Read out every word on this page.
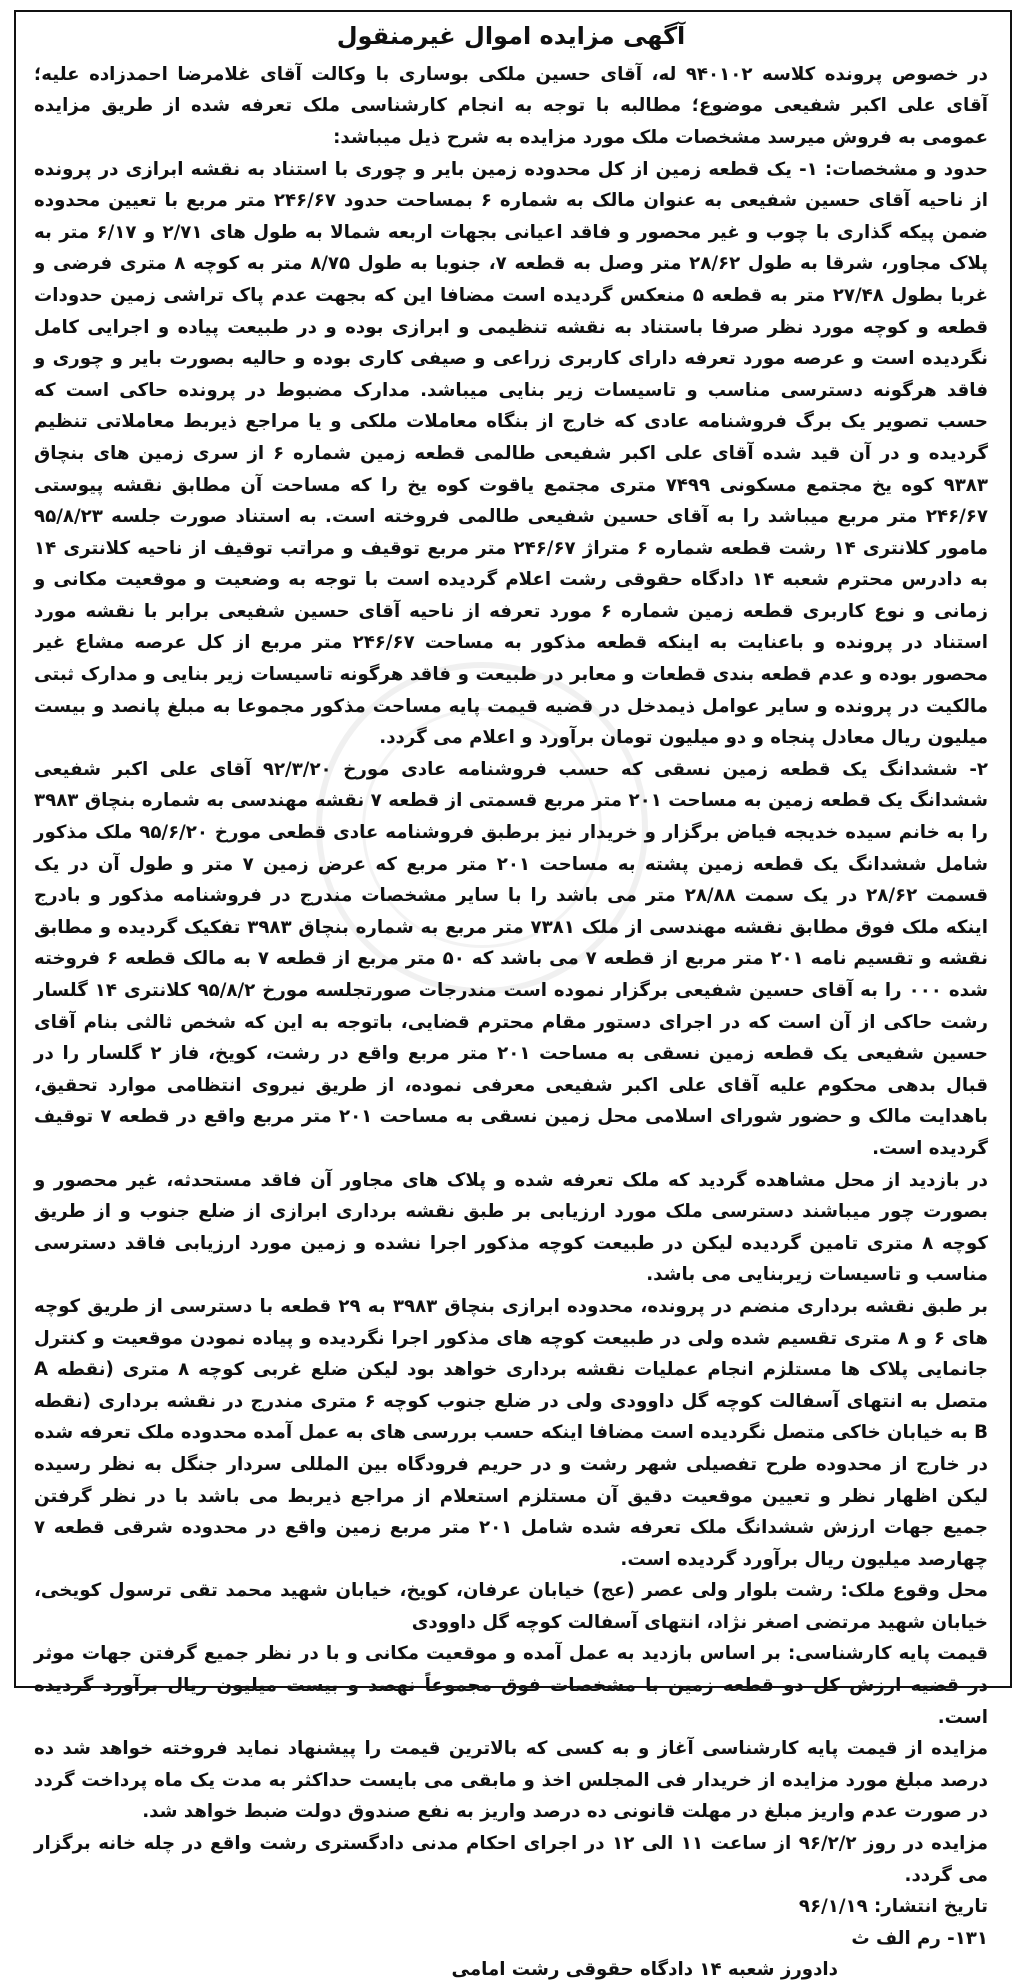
آگهی مزایده اموال غیرمنقول

در خصوص پرونده کلاسه ۹۴۰۱۰۲ له، آقای حسین ملکی بوساری با وکالت آقای غلامرضا احمدزاده علیه؛ آقای علی اکبر شفیعی موضوع؛ مطالبه با توجه به انجام کارشناسی ملک تعرفه شده از طریق مزایده عمومی به فروش میرسد مشخصات ملک مورد مزایده به شرح ذیل میباشد:

حدود و مشخصات: ۱- یک قطعه زمین از کل محدوده زمین بایر و چوری با استناد به نقشه ابرازی در پرونده از ناحیه آقای حسین شفیعی به عنوان مالک به شماره ۶ بمساحت حدود ۲۴۶/۶۷ متر مربع با تعیین محدوده ضمن پیکه گذاری با چوب و غیر محصور و فاقد اعیانی بجهات اربعه شمالا به طول های ۲/۷۱ و ۶/۱۷ متر به پلاک مجاور، شرقا به طول ۲۸/۶۲ متر وصل به قطعه ۷، جنوبا به طول ۸/۷۵ متر به کوچه ۸ متری فرضی و غربا بطول ۲۷/۴۸ متر به قطعه ۵ منعکس گردیده است مضافا این که بجهت عدم پاک تراشی زمین حدودات قطعه و کوچه مورد نظر صرفا باستناد به نقشه تنظیمی و ابرازی بوده و در طبیعت پیاده و اجرایی کامل نگردیده است و عرصه مورد تعرفه دارای کاربری زراعی و صیفی کاری بوده و حالیه بصورت بایر و چوری و فاقد هرگونه دسترسی مناسب و تاسیسات زیر بنایی میباشد. مدارک مضبوط در پرونده حاکی است که حسب تصویر یک برگ فروشنامه عادی که خارج از بنگاه معاملات ملکی و یا مراجع ذیربط معاملاتی تنظیم گردیده و در آن قید شده آقای علی اکبر شفیعی طالمی قطعه زمین شماره ۶ از سری زمین های بنچاق ۹۳۸۳ کوه یخ مجتمع مسکونی ۷۴۹۹ متری مجتمع یاقوت کوه یخ را که مساحت آن مطابق نقشه پیوستی ۲۴۶/۶۷ متر مربع میباشد را به آقای حسین شفیعی طالمی فروخته است. به استناد صورت جلسه ۹۵/۸/۲۳ مامور کلانتری ۱۴ رشت قطعه شماره ۶ متراژ ۲۴۶/۶۷ متر مربع توقیف و مراتب توقیف از ناحیه کلانتری ۱۴ به دادرس محترم شعبه ۱۴ دادگاه حقوقی رشت اعلام گردیده است با توجه به وضعیت و موقعیت مکانی و زمانی و نوع کاربری قطعه زمین شماره ۶ مورد تعرفه از ناحیه آقای حسین شفیعی برابر با نقشه مورد استناد در پرونده و باعنایت به اینکه قطعه مذکور به مساحت ۲۴۶/۶۷ متر مربع از کل عرصه مشاع غیر محصور بوده و عدم قطعه بندی قطعات و معابر در طبیعت و فاقد هرگونه تاسیسات زیر بنایی و مدارک ثبتی مالکیت در پرونده و سایر عوامل ذیمدخل در قضیه قیمت پایه مساحت مذکور مجموعا به مبلغ پانصد و بیست میلیون ریال معادل پنجاه و دو میلیون تومان برآورد و اعلام می گردد.

۲- ششدانگ یک قطعه زمین نسقی که حسب فروشنامه عادی مورخ ۹۲/۳/۲۰ آقای علی اکبر شفیعی ششدانگ یک قطعه زمین به مساحت ۲۰۱ متر مربع قسمتی از قطعه ۷ نقشه مهندسی به شماره بنچاق ۳۹۸۳ را به خانم سیده خدیجه فیاض برگزار و خریدار نیز برطبق فروشنامه عادی قطعی مورخ ۹۵/۶/۲۰ ملک مذکور شامل ششدانگ یک قطعه زمین پشته به مساحت ۲۰۱ متر مربع که عرض زمین ۷ متر و طول آن در یک قسمت ۲۸/۶۲ در یک سمت ۲۸/۸۸ متر می باشد را با سایر مشخصات مندرج در فروشنامه مذکور و بادرج اینکه ملک فوق مطابق نقشه مهندسی از ملک ۷۳۸۱ متر مربع به شماره بنچاق ۳۹۸۳ تفکیک گردیده و مطابق نقشه و تقسیم نامه ۲۰۱ متر مربع از قطعه ۷ می باشد که ۵۰ متر مربع از قطعه ۷ به مالک قطعه ۶ فروخته شده ۰۰۰ را به آقای حسین شفیعی برگزار نموده است مندرجات صورتجلسه مورخ ۹۵/۸/۲ کلانتری ۱۴ گلسار رشت حاکی از آن است که در اجرای دستور مقام محترم قضایی، باتوجه به این که شخص ثالثی بنام آقای حسین شفیعی یک قطعه زمین نسقی به مساحت ۲۰۱ متر مربع واقع در رشت، کویخ، فاز ۲ گلسار را در قبال بدهی محکوم علیه آقای علی اکبر شفیعی معرفی نموده، از طریق نیروی انتظامی موارد تحقیق، باهدایت مالک و حضور شورای اسلامی محل زمین نسقی به مساحت ۲۰۱ متر مربع واقع در قطعه ۷ توقیف گردیده است.

در بازدید از محل مشاهده گردید که ملک تعرفه شده و پلاک های مجاور آن فاقد مستحدثه، غیر محصور و بصورت چور میباشند دسترسی ملک مورد ارزیابی بر طبق نقشه برداری ابرازی از ضلع جنوب و از طریق کوچه ۸ متری تامین گردیده لیکن در طبیعت کوچه مذکور اجرا نشده و زمین مورد ارزیابی فاقد دسترسی مناسب و تاسیسات زیربنایی می باشد.

بر طبق نقشه برداری منضم در پرونده، محدوده ابرازی بنچاق ۳۹۸۳ به ۲۹ قطعه با دسترسی از طریق کوچه های ۶ و ۸ متری تقسیم شده ولی در طبیعت کوچه های مذکور اجرا نگردیده و پیاده نمودن موقعیت و کنترل جانمایی پلاک ها مستلزم انجام عملیات نقشه برداری خواهد بود لیکن ضلع غربی کوچه ۸ متری (نقطه A متصل به انتهای آسفالت کوچه گل داوودی ولی در ضلع جنوب کوچه ۶ متری مندرج در نقشه برداری (نقطه B به خیابان خاکی متصل نگردیده است مضافا اینکه حسب بررسی های به عمل آمده محدوده ملک تعرفه شده در خارج از محدوده طرح تفصیلی شهر رشت و در حریم فرودگاه بین المللی سردار جنگل به نظر رسیده لیکن اظهار نظر و تعیین موقعیت دقیق آن مستلزم استعلام از مراجع ذیربط می باشد با در نظر گرفتن جمیع جهات ارزش ششدانگ ملک تعرفه شده شامل ۲۰۱ متر مربع زمین واقع در محدوده شرقی قطعه ۷ چهارصد میلیون ریال برآورد گردیده است.

محل وقوع ملک: رشت بلوار ولی عصر (عج) خیابان عرفان، کویخ، خیابان شهید محمد تقی ترسول کویخی، خیابان شهید مرتضی اصغر نژاد، انتهای آسفالت کوچه گل داوودی

قیمت پایه کارشناسی: بر اساس بازدید به عمل آمده و موقعیت مکانی و با در نظر جمیع گرفتن جهات موثر در قضیه ارزش کل دو قطعه زمین با مشخصات فوق مجموعاً نهصد و بیست میلیون ریال برآورد گردیده است.

مزایده از قیمت پایه کارشناسی آغاز و به کسی که بالاترین قیمت را پیشنهاد نماید فروخته خواهد شد ده درصد مبلغ مورد مزایده از خریدار فی المجلس اخذ و مابقی می بایست حداکثر به مدت یک ماه پرداخت گردد در صورت عدم واریز مبلغ در مهلت قانونی ده درصد واریز به نفع صندوق دولت ضبط خواهد شد.

مزایده در روز ۹۶/۲/۲ از ساعت ۱۱ الی ۱۲ در اجرای احکام مدنی دادگستری رشت واقع در چله خانه برگزار می گردد.

تاریخ انتشار: ۹۶/۱/۱۹
۱۳۱- رم الف ث
دادورز شعبه ۱۴ دادگاه حقوقی رشت امامی
